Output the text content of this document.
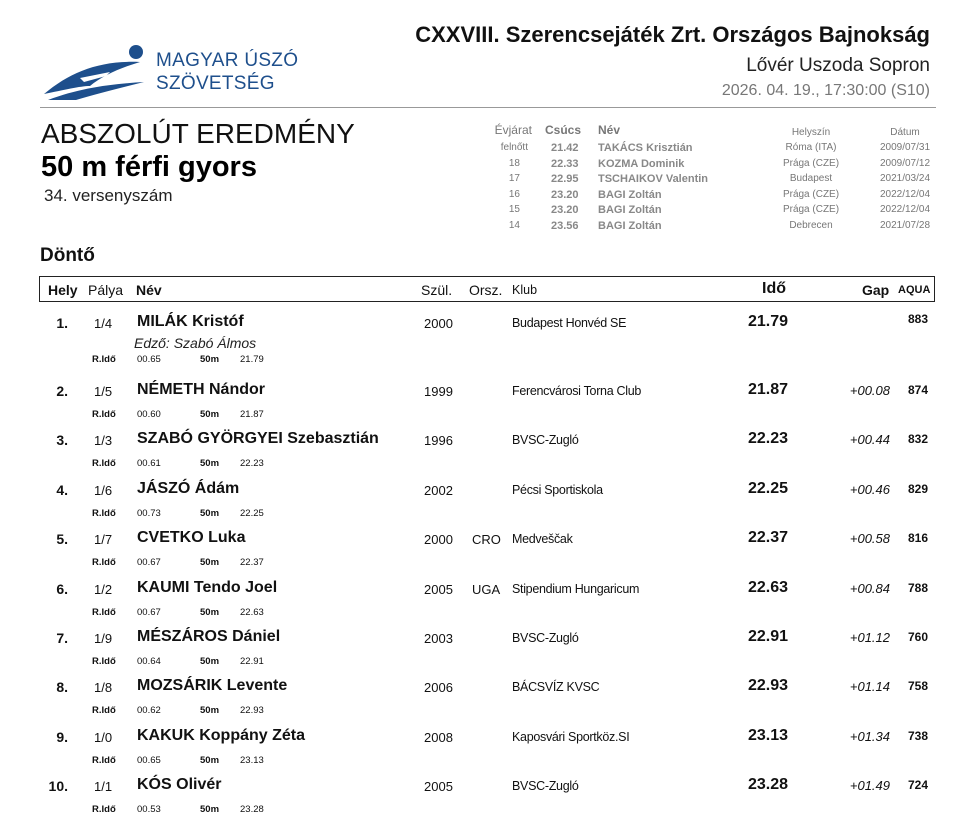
MAGYAR ÚSZÓ
SZÖVETSÉG
CXXVIII. Szerencsejáték Zrt. Országos Bajnokság
Lővér Uszoda Sopron
2026. 04. 19., 17:30:00 (S10)
ABSZOLÚT EREDMÉNY
50 m férfi gyors
34. versenyszám
Évjárat Csúcs Név	Helyszín	Dátum
felnőtt 21.42 TAKÁCS Krisztián	Róma (ITA)	2009/07/31
18	22.33 KOZMA Dominik	Prága (CZE)	2009/07/12
17	22.95 TSCHAIKOV Valentin	Budapest	2021/03/24
16	23.20 BAGI Zoltán	Prága (CZE)	2022/12/04
15	23.20 BAGI Zoltán	Prága (CZE)	2022/12/04
14	23.56 BAGI Zoltán	Debrecen	2021/07/28
Döntő
Hely Pálya Név	Szül. Orsz. Klub	Idő	Gap AQUA
1. 1/4 MILÁK Kristóf	2000	Budapest Honvéd SE	21.79	883
Edző: Szabó Álmos
R.Idő 00.65	50m 21.79
2. 1/5 NÉMETH Nándor	1999	Ferencvárosi Torna Club	21.87	+00.08	874
R.Idő 00.60	50m 21.87
3. 1/3 SZABÓ GYÖRGYEI Szebasztián	1996	BVSC-Zugló	22.23	+00.44	832
R.Idő 00.61	50m 22.23
4. 1/6 JÁSZÓ Ádám	2002	Pécsi Sportiskola	22.25	+00.46	829
R.Idő 00.73	50m 22.25
5. 1/7 CVETKO Luka	2000 CRO Medveščak	22.37	+00.58	816
R.Idő 00.67	50m 22.37
6. 1/2 KAUMI Tendo Joel	2005 UGA Stipendium Hungaricum	22.63	+00.84	788
R.Idő 00.67	50m 22.63
7. 1/9 MÉSZÁROS Dániel	2003	BVSC-Zugló	22.91	+01.12	760
R.Idő 00.64	50m 22.91
8. 1/8 MOZSÁRIK Levente	2006	BÁCSVÍZ KVSC	22.93	+01.14	758
R.Idő 00.62	50m 22.93
9. 1/0 KAKUK Koppány Zéta	2008	Kaposvári Sportköz.SI	23.13	+01.34	738
R.Idő 00.65	50m 23.13
10. 1/1 KÓS Olivér	2005	BVSC-Zugló	23.28	+01.49	724
R.Idő 00.53	50m 23.28
